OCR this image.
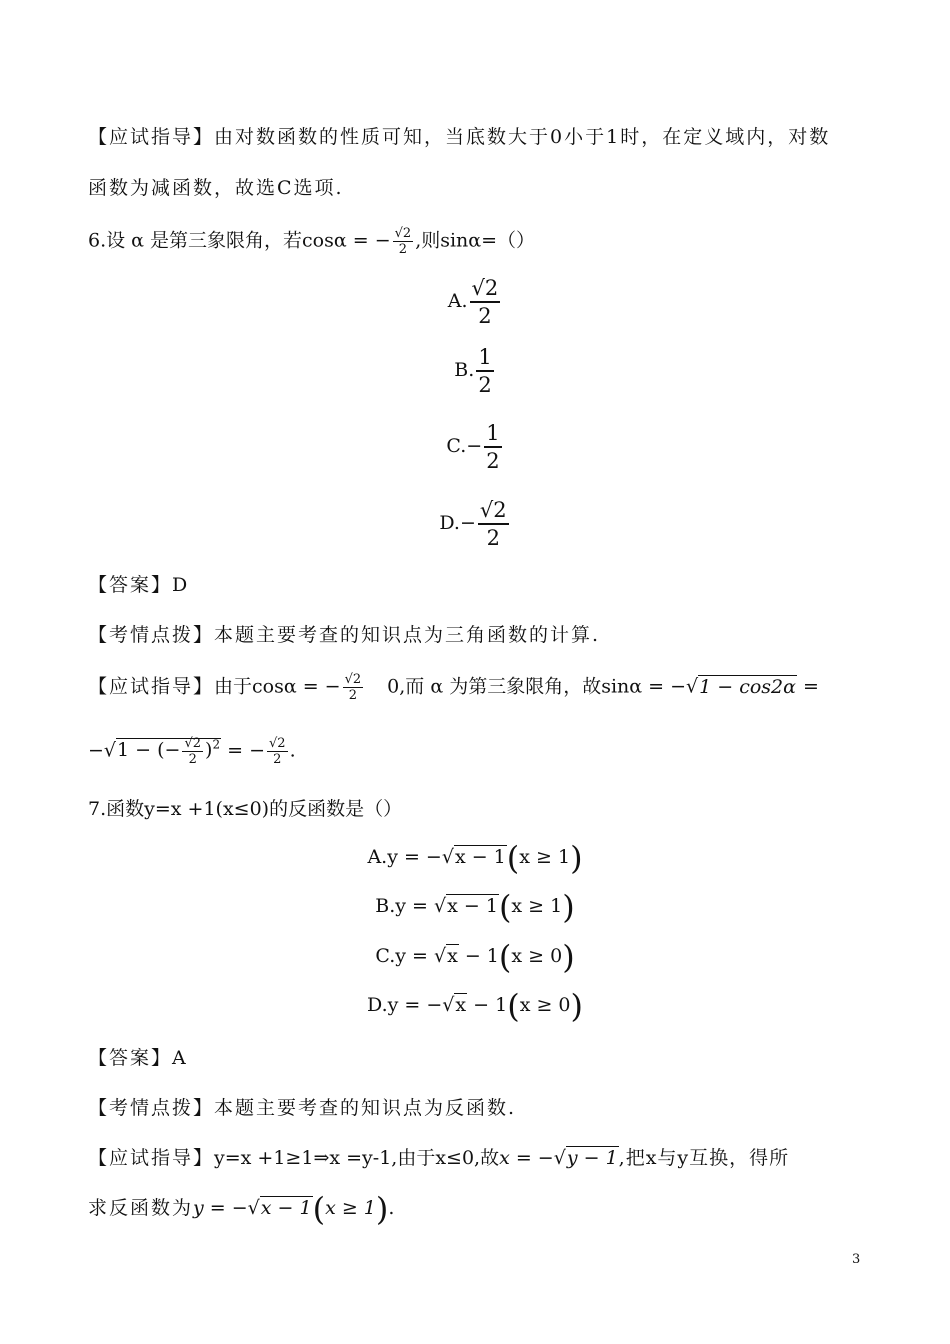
【应试指导】由对数函数的性质可知，当底数大于0小于1时，在定义域内，对数
函数为减函数，故选C选项.
6.设 α 是第三象限角，若cosα = − $\frac{√2}{2}$ ,则sinα=（）
A. $\frac{√2}{2}$
B. $\frac{1}{2}$
$C.- \frac{1}{2}$
$D.- \frac{√2}{2}$
【答案】D
【考情点拨】本题主要考查的知识点为三角函数的计算.
【应试指导】由于cosα = − $\frac{√2}{2} 0$,而 α 为第三象限角，故sinα = −√1 − cos2α =
−√1 − (− $\frac{√2}{2} )^2$ = − $\frac{√2}{2}$ .
7.函数y=x +1(x≤0)的反函数是（）
A.y = −√x − 1(x ≥ 1)
B.y = √x − 1(x ≥ 1)
C.y = √x − 1(x ≥ 0)
D.y = −√x − 1(x ≥ 0)
【答案】A
【考情点拨】本题主要考查的知识点为反函数.
【应试指导】y=x +1≥1⇒x =y-1,由于x≤0,故x = −√y − 1,把x与y互换，得所
求反函数为y = −√x − 1(x ≥ 1).
3
